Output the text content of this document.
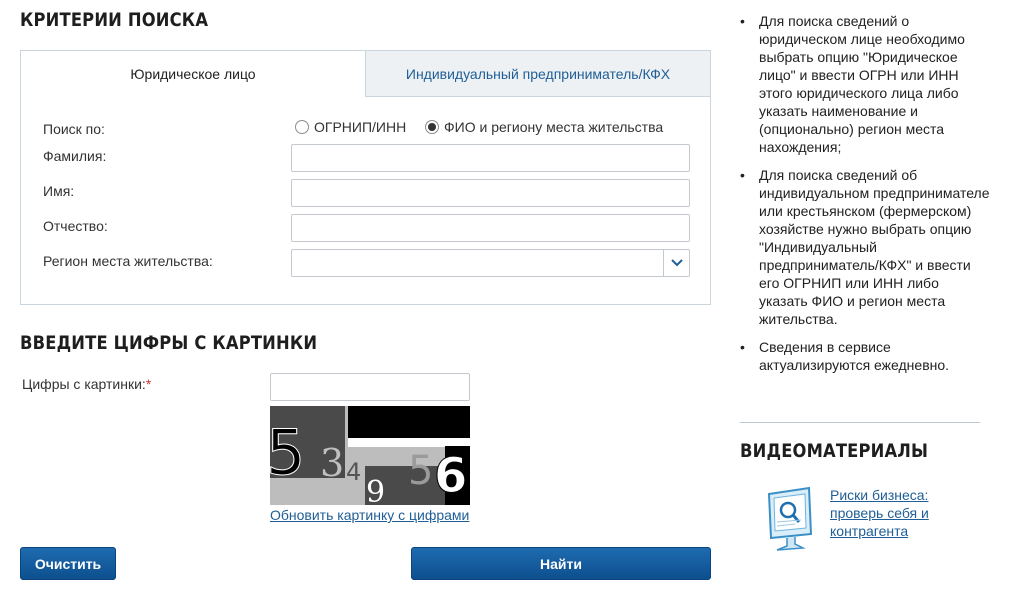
КРИТЕРИИ ПОИСКА
Юридическое лицо	Индивидуальный предприниматель/КФХ
Поиск по:	ОГРНИП/ИНН	ФИО и региону места жительства
Фамилия:
Имя:
Отчество:
Регион места жительства:
ВВЕДИТЕ ЦИФРЫ С КАРТИНКИ
Цифры с картинки:*
5 3 4
9 5 6
Обновить картинку с цифрами
Очистить	Найти
• Для поиска сведений о юридическом лице необходимо выбрать опцию "Юридическое лицо" и ввести ОГРН или ИНН этого юридического лица либо указать наименование и (опционально) регион места нахождения;
• Для поиска сведений об индивидуальном предпринимателе или крестьянском (фермерском) хозяйстве нужно выбрать опцию "Индивидуальный предприниматель/КФХ" и ввести его ОГРНИП или ИНН либо указать ФИО и регион места жительства.
• Сведения в сервисе актуализируются ежедневно.
ВИДЕОМАТЕРИАЛЫ
Риски бизнеса: проверь себя и контрагента
